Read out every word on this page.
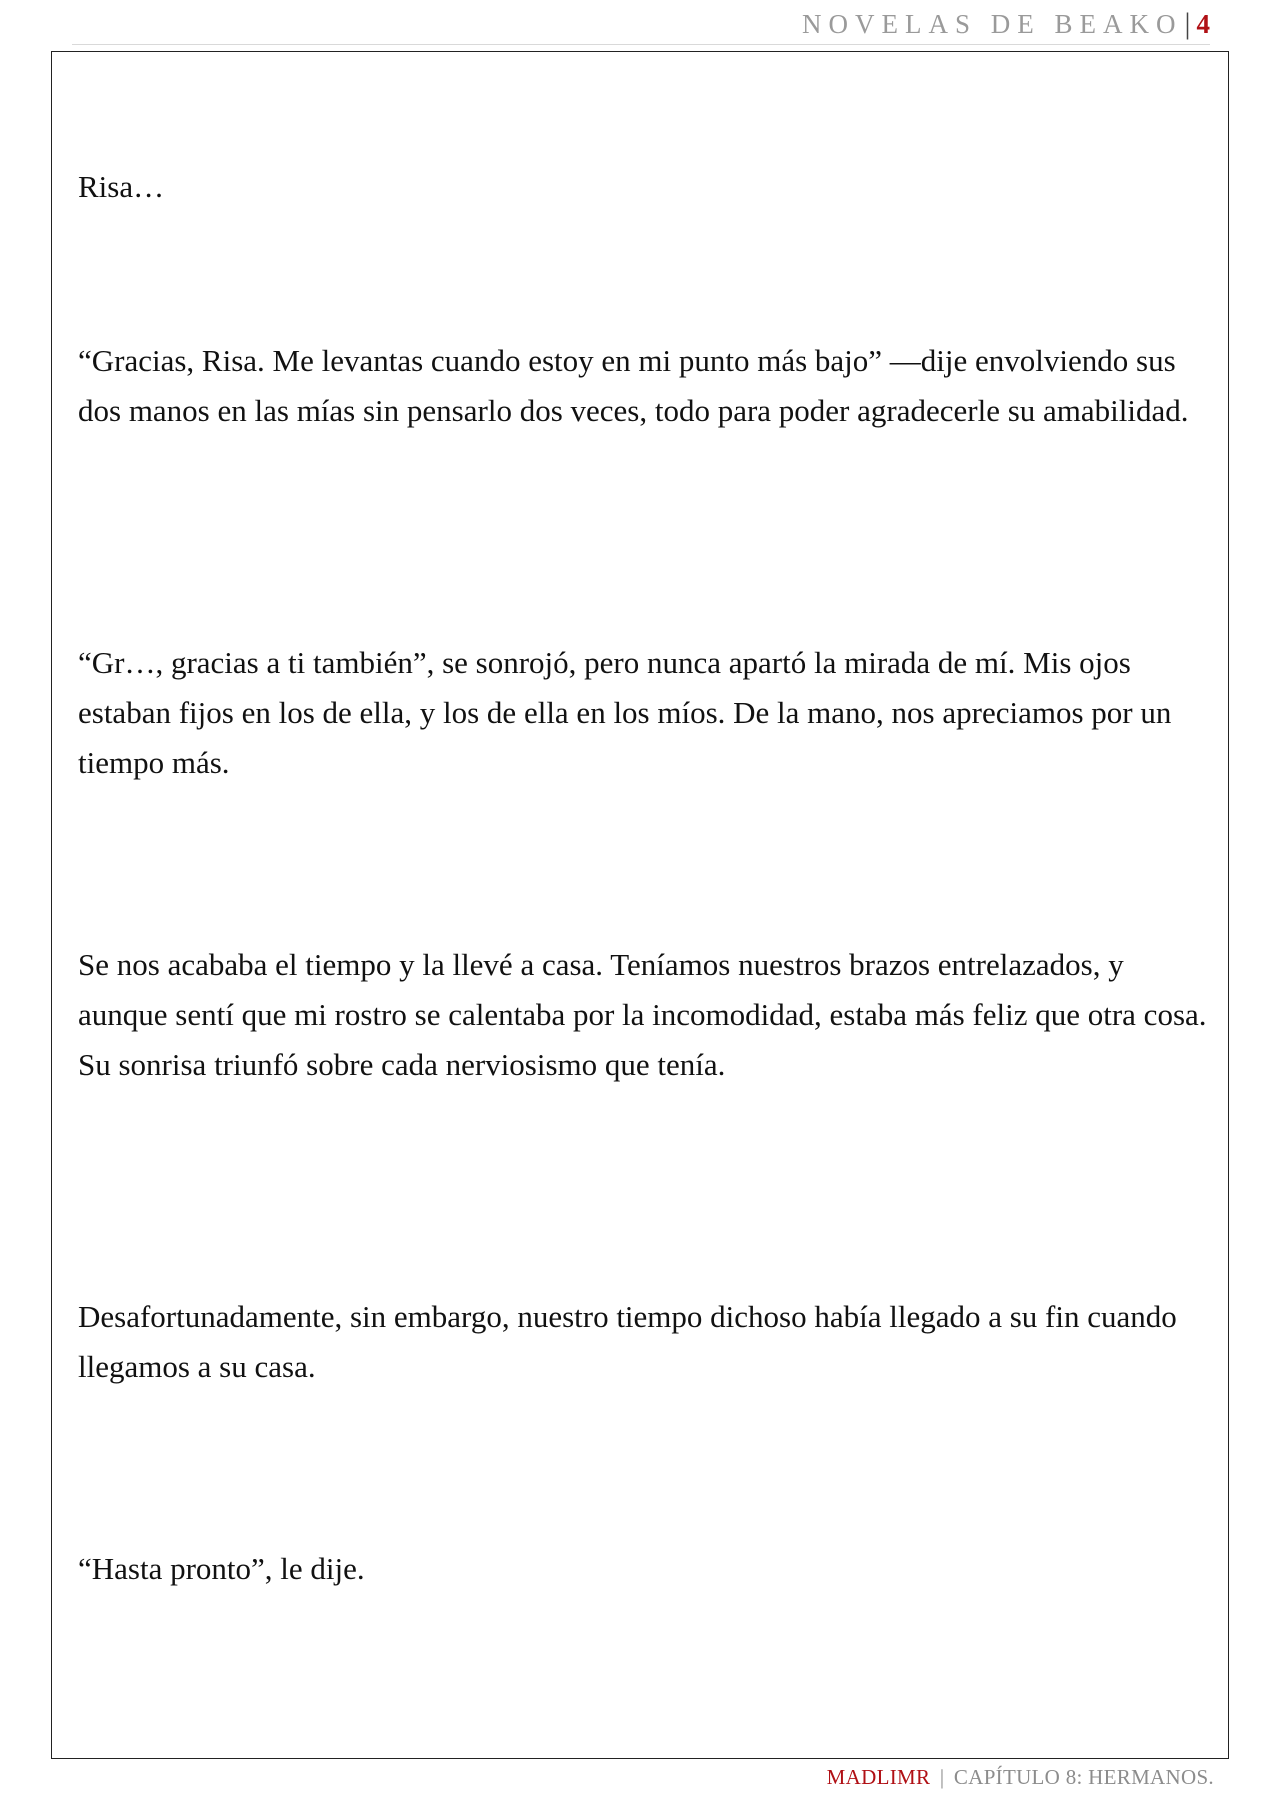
NOVELAS DE BEAKO | 4

Risa…

“Gracias, Risa. Me levantas cuando estoy en mi punto más bajo” —dije envolviendo sus dos manos en las mías sin pensarlo dos veces, todo para poder agradecerle su amabilidad.

“Gr…, gracias a ti también”, se sonrojó, pero nunca apartó la mirada de mí. Mis ojos estaban fijos en los de ella, y los de ella en los míos. De la mano, nos apreciamos por un tiempo más.

Se nos acababa el tiempo y la llevé a casa. Teníamos nuestros brazos entrelazados, y aunque sentí que mi rostro se calentaba por la incomodidad, estaba más feliz que otra cosa. Su sonrisa triunfó sobre cada nerviosismo que tenía.

Desafortunadamente, sin embargo, nuestro tiempo dichoso había llegado a su fin cuando llegamos a su casa.

“Hasta pronto”, le dije.

MADLIMR | CAPÍTULO 8: HERMANOS.
